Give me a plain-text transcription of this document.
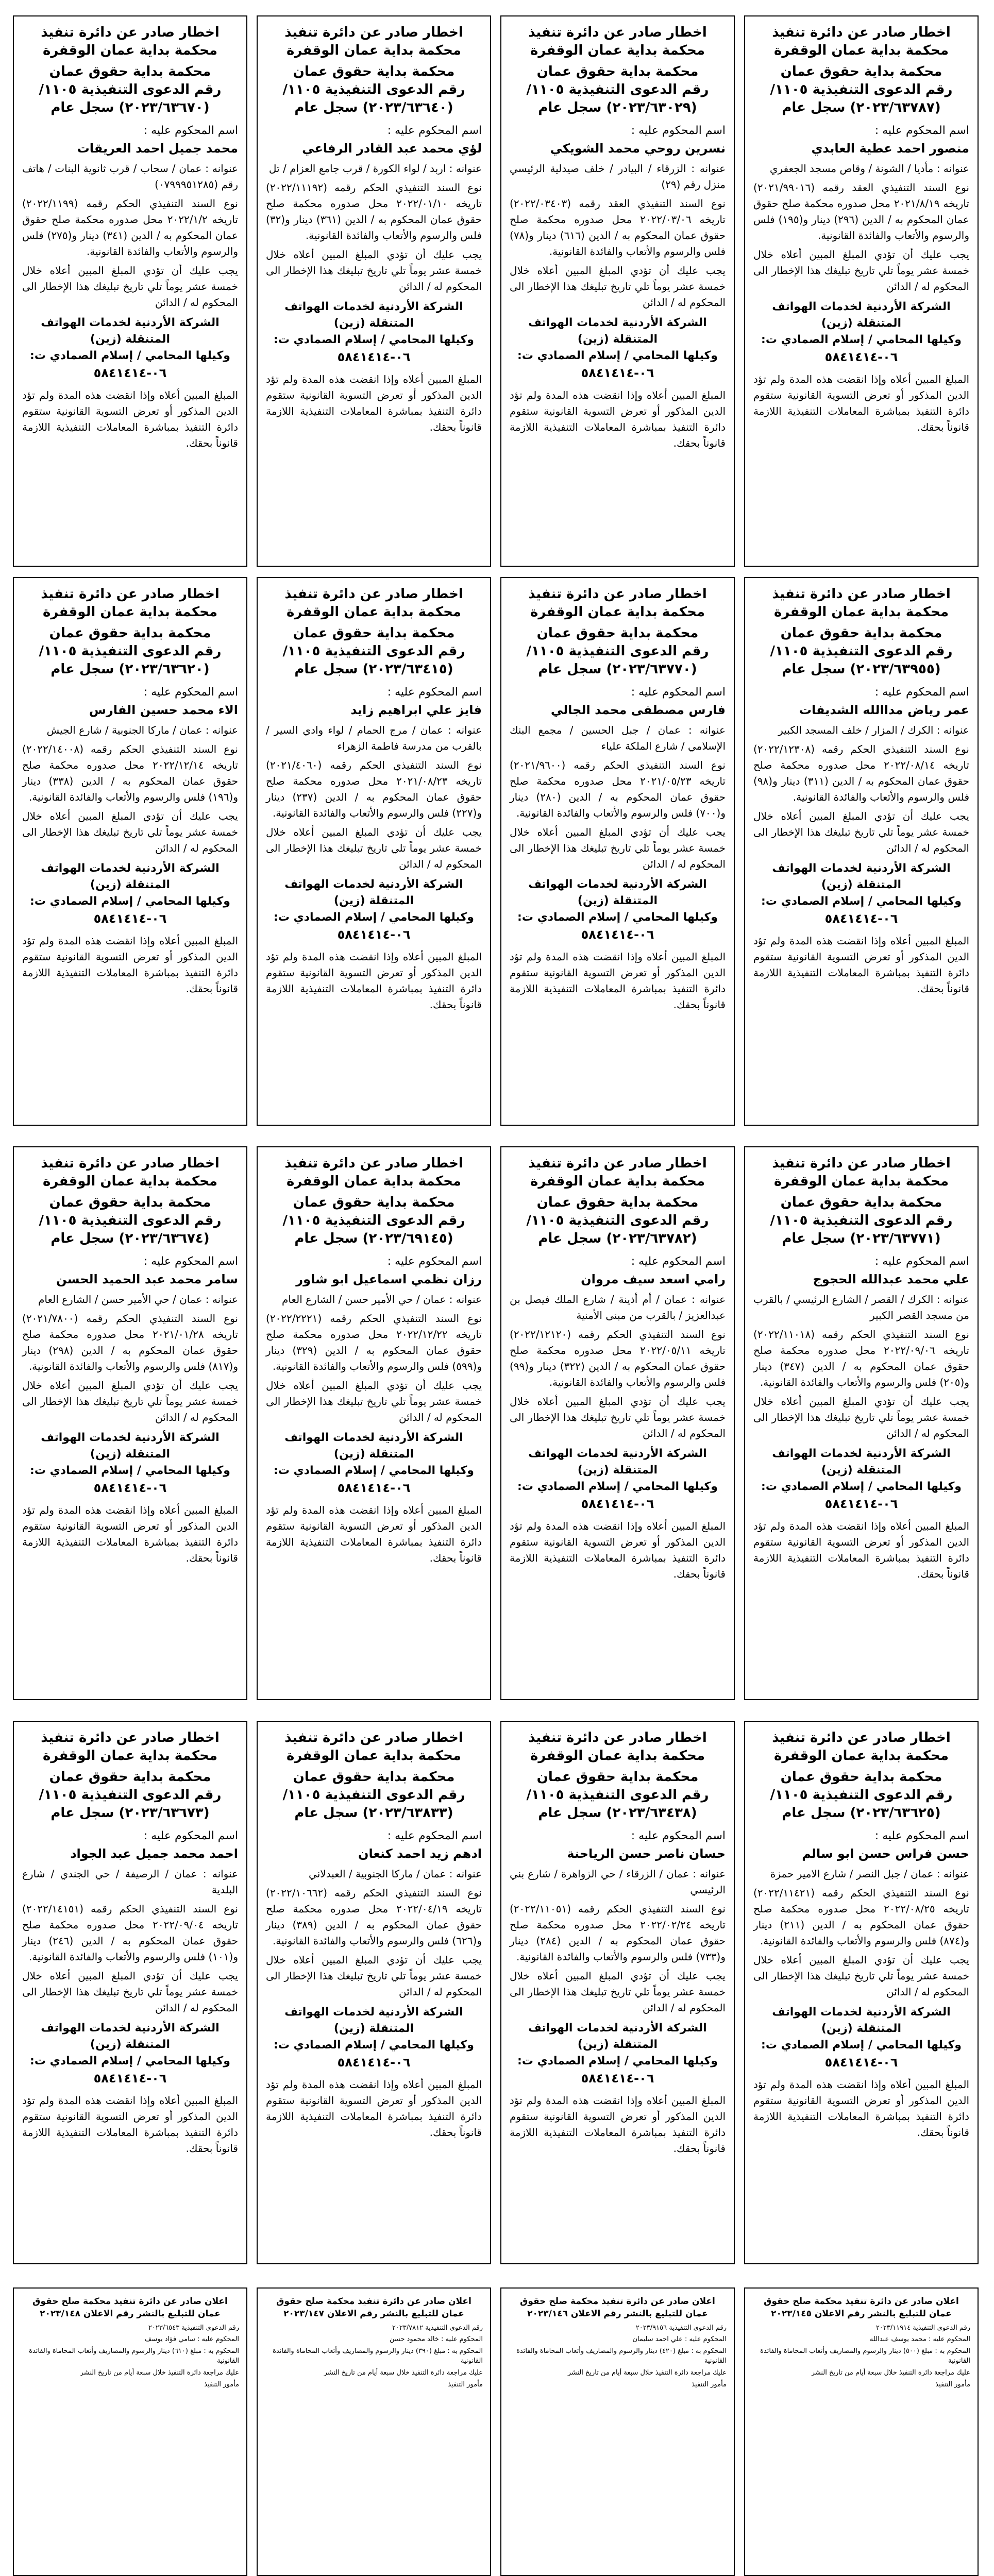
اخطار صادر عن دائرة تنفيذ محكمة بداية عمان الوقفرة
محكمة بداية حقوق عمان
رقم الدعوى التنفيذية ١١٠٥/ (٢٠٢٣/٦٣٧٨٧) سجل عام
اسم المحكوم عليه :
منصور احمد عطية العابدي

عنوانه : مأديا / الشونة / وقاص مسجد الجعفري

نوع السند التنفيذي العقد رقمه (٢٠٢١/٩٩٠١٦) تاريخه ٢٠٢١/٨/١٩ محل صدوره محكمة صلح حقوق عمان المحكوم به / الدين (٢٩٦) دينار و(١٩٥) فلس والرسوم والأتعاب والفائدة القانونية.

يجب عليك أن تؤدي المبلغ المبين أعلاه خلال خمسة عشر يوماً تلي تاريخ تبليغك هذا الإخطار الى المحكوم له / الدائن

الشركة الأردنية لخدمات الهواتف المتنقلة (زين)
وكيلها المحامي / إسلام الصمادي ت:
٠٦-٥٨٤١٤١٤
المبلغ المبين أعلاه وإذا انقضت هذه المدة ولم تؤد الدين المذكور أو تعرض التسوية القانونية ستقوم دائرة التنفيذ بمباشرة المعاملات التنفيذية اللازمة قانوناً بحقك.
اخطار صادر عن دائرة تنفيذ محكمة بداية عمان الوقفرة
محكمة بداية حقوق عمان
رقم الدعوى التنفيذية ١١٠٥/ (٢٠٢٣/٦٣٠٢٩) سجل عام
اسم المحكوم عليه :
نسرين روحي محمد الشويكي

عنوانه : الزرقاء / البيادر / خلف صيدلية الرئيسي منزل رقم (٢٩)

نوع السند التنفيذي العقد رقمه (٢٠٢٢/٠٣٤٠٣) تاريخه ٢٠٢٢/٠٣/٠٦ محل صدوره محكمة صلح حقوق عمان المحكوم به / الدين (٦١٦) دينار و(٧٨) فلس والرسوم والأتعاب والفائدة القانونية.

يجب عليك أن تؤدي المبلغ المبين أعلاه خلال خمسة عشر يوماً تلي تاريخ تبليغك هذا الإخطار الى المحكوم له / الدائن

الشركة الأردنية لخدمات الهواتف المتنقلة (زين)
وكيلها المحامي / إسلام الصمادي ت:
٠٦-٥٨٤١٤١٤
المبلغ المبين أعلاه وإذا انقضت هذه المدة ولم تؤد الدين المذكور أو تعرض التسوية القانونية ستقوم دائرة التنفيذ بمباشرة المعاملات التنفيذية اللازمة قانوناً بحقك.
اخطار صادر عن دائرة تنفيذ محكمة بداية عمان الوقفرة
محكمة بداية حقوق عمان
رقم الدعوى التنفيذية ١١٠٥/ (٢٠٢٣/٦٣٦٤٠) سجل عام
اسم المحكوم عليه :
لؤي محمد عبد القادر الرفاعي

عنوانه : اربد / لواء الكورة / قرب جامع العزام / تل

نوع السند التنفيذي الحكم رقمه (٢٠٢٢/١١١٩٢) تاريخه ٢٠٢٢/٠١/١٠ محل صدوره محكمة صلح حقوق عمان المحكوم به / الدين (٣٦١) دينار و(٣٢) فلس والرسوم والأتعاب والفائدة القانونية.

يجب عليك أن تؤدي المبلغ المبين أعلاه خلال خمسة عشر يوماً تلي تاريخ تبليغك هذا الإخطار الى المحكوم له / الدائن

الشركة الأردنية لخدمات الهواتف المتنقلة (زين)
وكيلها المحامي / إسلام الصمادي ت:
٠٦-٥٨٤١٤١٤
المبلغ المبين أعلاه وإذا انقضت هذه المدة ولم تؤد الدين المذكور أو تعرض التسوية القانونية ستقوم دائرة التنفيذ بمباشرة المعاملات التنفيذية اللازمة قانوناً بحقك.
اخطار صادر عن دائرة تنفيذ محكمة بداية عمان الوقفرة
محكمة بداية حقوق عمان
رقم الدعوى التنفيذية ١١٠٥/ (٢٠٢٣/٦٣٦٧٠) سجل عام
اسم المحكوم عليه :
محمد جميل احمد العريقات

عنوانه : عمان / سحاب / قرب ثانوية البنات / هاتف رقم (٠٧٩٩٩٥١٢٨٥)

نوع السند التنفيذي الحكم رقمه (٢٠٢٢/١١٩٩) تاريخه ٢٠٢٢/١/٢ محل صدوره محكمة صلح حقوق عمان المحكوم به / الدين (٣٤١) دينار و(٢٧٥) فلس والرسوم والأتعاب والفائدة القانونية.

يجب عليك أن تؤدي المبلغ المبين أعلاه خلال خمسة عشر يوماً تلي تاريخ تبليغك هذا الإخطار الى المحكوم له / الدائن

الشركة الأردنية لخدمات الهواتف المتنقلة (زين)
وكيلها المحامي / إسلام الصمادي ت:
٠٦-٥٨٤١٤١٤
المبلغ المبين أعلاه وإذا انقضت هذه المدة ولم تؤد الدين المذكور أو تعرض التسوية القانونية ستقوم دائرة التنفيذ بمباشرة المعاملات التنفيذية اللازمة قانوناً بحقك.
اخطار صادر عن دائرة تنفيذ محكمة بداية عمان الوقفرة
محكمة بداية حقوق عمان
رقم الدعوى التنفيذية ١١٠٥/ (٢٠٢٣/٦٣٩٥٥) سجل عام
اسم المحكوم عليه :
عمر رياض مداالله الشديفات

عنوانه : الكرك / المزار / خلف المسجد الكبير

نوع السند التنفيذي الحكم رقمه (٢٠٢٢/١٢٣٠٨) تاريخه ٢٠٢٢/٠٨/١٤ محل صدوره محكمة صلح حقوق عمان المحكوم به / الدين (٣١١) دينار و(٩٨) فلس والرسوم والأتعاب والفائدة القانونية.

يجب عليك أن تؤدي المبلغ المبين أعلاه خلال خمسة عشر يوماً تلي تاريخ تبليغك هذا الإخطار الى المحكوم له / الدائن

الشركة الأردنية لخدمات الهواتف المتنقلة (زين)
وكيلها المحامي / إسلام الصمادي ت:
٠٦-٥٨٤١٤١٤
المبلغ المبين أعلاه وإذا انقضت هذه المدة ولم تؤد الدين المذكور أو تعرض التسوية القانونية ستقوم دائرة التنفيذ بمباشرة المعاملات التنفيذية اللازمة قانوناً بحقك.
اخطار صادر عن دائرة تنفيذ محكمة بداية عمان الوقفرة
محكمة بداية حقوق عمان
رقم الدعوى التنفيذية ١١٠٥/ (٢٠٢٣/٦٣٧٧٠) سجل عام
اسم المحكوم عليه :
فارس مصطفى محمد الجالي

عنوانه : عمان / جبل الحسين / مجمع البنك الإسلامي / شارع الملكة علياء

نوع السند التنفيذي الحكم رقمه (٢٠٢١/٩٦٠٠) تاريخه ٢٠٢١/٠٥/٢٣ محل صدوره محكمة صلح حقوق عمان المحكوم به / الدين (٢٨٠) دينار و(٧٠٠) فلس والرسوم والأتعاب والفائدة القانونية.

يجب عليك أن تؤدي المبلغ المبين أعلاه خلال خمسة عشر يوماً تلي تاريخ تبليغك هذا الإخطار الى المحكوم له / الدائن

الشركة الأردنية لخدمات الهواتف المتنقلة (زين)
وكيلها المحامي / إسلام الصمادي ت:
٠٦-٥٨٤١٤١٤
المبلغ المبين أعلاه وإذا انقضت هذه المدة ولم تؤد الدين المذكور أو تعرض التسوية القانونية ستقوم دائرة التنفيذ بمباشرة المعاملات التنفيذية اللازمة قانوناً بحقك.
اخطار صادر عن دائرة تنفيذ محكمة بداية عمان الوقفرة
محكمة بداية حقوق عمان
رقم الدعوى التنفيذية ١١٠٥/ (٢٠٢٣/٦٣٤١٥) سجل عام
اسم المحكوم عليه :
فايز علي ابراهيم زايد

عنوانه : عمان / مرج الحمام / لواء وادي السير / بالقرب من مدرسة فاطمة الزهراء

نوع السند التنفيذي الحكم رقمه (٢٠٢١/٤٠٦٠) تاريخه ٢٠٢١/٠٨/٢٣ محل صدوره محكمة صلح حقوق عمان المحكوم به / الدين (٢٣٧) دينار و(٢٢٧) فلس والرسوم والأتعاب والفائدة القانونية.

يجب عليك أن تؤدي المبلغ المبين أعلاه خلال خمسة عشر يوماً تلي تاريخ تبليغك هذا الإخطار الى المحكوم له / الدائن

الشركة الأردنية لخدمات الهواتف المتنقلة (زين)
وكيلها المحامي / إسلام الصمادي ت:
٠٦-٥٨٤١٤١٤
المبلغ المبين أعلاه وإذا انقضت هذه المدة ولم تؤد الدين المذكور أو تعرض التسوية القانونية ستقوم دائرة التنفيذ بمباشرة المعاملات التنفيذية اللازمة قانوناً بحقك.
اخطار صادر عن دائرة تنفيذ محكمة بداية عمان الوقفرة
محكمة بداية حقوق عمان
رقم الدعوى التنفيذية ١١٠٥/ (٢٠٢٣/٦٣٦٢٠) سجل عام
اسم المحكوم عليه :
الاء محمد حسين الفارس

عنوانه : عمان / ماركا الجنوبية / شارع الجيش

نوع السند التنفيذي الحكم رقمه (٢٠٢٢/١٤٠٠٨) تاريخه ٢٠٢٢/١٢/١٤ محل صدوره محكمة صلح حقوق عمان المحكوم به / الدين (٣٣٨) دينار و(١٩٦) فلس والرسوم والأتعاب والفائدة القانونية.

يجب عليك أن تؤدي المبلغ المبين أعلاه خلال خمسة عشر يوماً تلي تاريخ تبليغك هذا الإخطار الى المحكوم له / الدائن

الشركة الأردنية لخدمات الهواتف المتنقلة (زين)
وكيلها المحامي / إسلام الصمادي ت:
٠٦-٥٨٤١٤١٤
المبلغ المبين أعلاه وإذا انقضت هذه المدة ولم تؤد الدين المذكور أو تعرض التسوية القانونية ستقوم دائرة التنفيذ بمباشرة المعاملات التنفيذية اللازمة قانوناً بحقك.
اخطار صادر عن دائرة تنفيذ محكمة بداية عمان الوقفرة
محكمة بداية حقوق عمان
رقم الدعوى التنفيذية ١١٠٥/ (٢٠٢٣/٦٣٧٧١) سجل عام
اسم المحكوم عليه :
علي محمد عبدالله الحجوج

عنوانه : الكرك / القصر / الشارع الرئيسي / بالقرب من مسجد القصر الكبير

نوع السند التنفيذي الحكم رقمه (٢٠٢٢/١١٠١٨) تاريخه ٢٠٢٢/٠٩/٠٦ محل صدوره محكمة صلح حقوق عمان المحكوم به / الدين (٣٤٧) دينار و(٢٠٥) فلس والرسوم والأتعاب والفائدة القانونية.

يجب عليك أن تؤدي المبلغ المبين أعلاه خلال خمسة عشر يوماً تلي تاريخ تبليغك هذا الإخطار الى المحكوم له / الدائن

الشركة الأردنية لخدمات الهواتف المتنقلة (زين)
وكيلها المحامي / إسلام الصمادي ت:
٠٦-٥٨٤١٤١٤
المبلغ المبين أعلاه وإذا انقضت هذه المدة ولم تؤد الدين المذكور أو تعرض التسوية القانونية ستقوم دائرة التنفيذ بمباشرة المعاملات التنفيذية اللازمة قانوناً بحقك.
اخطار صادر عن دائرة تنفيذ محكمة بداية عمان الوقفرة
محكمة بداية حقوق عمان
رقم الدعوى التنفيذية ١١٠٥/ (٢٠٢٣/٦٣٧٨٢) سجل عام
اسم المحكوم عليه :
رامي اسعد سيف مروان

عنوانه : عمان / أم أذينة / شارع الملك فيصل بن عبدالعزيز / بالقرب من مبنى الأمنية

نوع السند التنفيذي الحكم رقمه (٢٠٢٢/١٢١٢٠) تاريخه ٢٠٢٢/٠٥/١١ محل صدوره محكمة صلح حقوق عمان المحكوم به / الدين (٣٢٢) دينار و(٩٩) فلس والرسوم والأتعاب والفائدة القانونية.

يجب عليك أن تؤدي المبلغ المبين أعلاه خلال خمسة عشر يوماً تلي تاريخ تبليغك هذا الإخطار الى المحكوم له / الدائن

الشركة الأردنية لخدمات الهواتف المتنقلة (زين)
وكيلها المحامي / إسلام الصمادي ت:
٠٦-٥٨٤١٤١٤
المبلغ المبين أعلاه وإذا انقضت هذه المدة ولم تؤد الدين المذكور أو تعرض التسوية القانونية ستقوم دائرة التنفيذ بمباشرة المعاملات التنفيذية اللازمة قانوناً بحقك.
اخطار صادر عن دائرة تنفيذ محكمة بداية عمان الوقفرة
محكمة بداية حقوق عمان
رقم الدعوى التنفيذية ١١٠٥/ (٢٠٢٣/٦٩١٤٥) سجل عام
اسم المحكوم عليه :
رزان نظمي اسماعيل ابو شاور

عنوانه : عمان / حي الأمير حسن / الشارع العام

نوع السند التنفيذي الحكم رقمه (٢٠٢٢/٢٢٢١) تاريخه ٢٠٢٢/١٢/٢٢ محل صدوره محكمة صلح حقوق عمان المحكوم به / الدين (٣٢٩) دينار و(٥٩٩) فلس والرسوم والأتعاب والفائدة القانونية.

يجب عليك أن تؤدي المبلغ المبين أعلاه خلال خمسة عشر يوماً تلي تاريخ تبليغك هذا الإخطار الى المحكوم له / الدائن

الشركة الأردنية لخدمات الهواتف المتنقلة (زين)
وكيلها المحامي / إسلام الصمادي ت:
٠٦-٥٨٤١٤١٤
المبلغ المبين أعلاه وإذا انقضت هذه المدة ولم تؤد الدين المذكور أو تعرض التسوية القانونية ستقوم دائرة التنفيذ بمباشرة المعاملات التنفيذية اللازمة قانوناً بحقك.
اخطار صادر عن دائرة تنفيذ محكمة بداية عمان الوقفرة
محكمة بداية حقوق عمان
رقم الدعوى التنفيذية ١١٠٥/ (٢٠٢٣/٦٣٦٧٤) سجل عام
اسم المحكوم عليه :
سامر محمد عبد الحميد الحسن

عنوانه : عمان / حي الأمير حسن / الشارع العام

نوع السند التنفيذي الحكم رقمه (٢٠٢١/٧٨٠٠) تاريخه ٢٠٢١/٠١/٢٨ محل صدوره محكمة صلح حقوق عمان المحكوم به / الدين (٢٩٨) دينار و(٨١٧) فلس والرسوم والأتعاب والفائدة القانونية.

يجب عليك أن تؤدي المبلغ المبين أعلاه خلال خمسة عشر يوماً تلي تاريخ تبليغك هذا الإخطار الى المحكوم له / الدائن

الشركة الأردنية لخدمات الهواتف المتنقلة (زين)
وكيلها المحامي / إسلام الصمادي ت:
٠٦-٥٨٤١٤١٤
المبلغ المبين أعلاه وإذا انقضت هذه المدة ولم تؤد الدين المذكور أو تعرض التسوية القانونية ستقوم دائرة التنفيذ بمباشرة المعاملات التنفيذية اللازمة قانوناً بحقك.
اخطار صادر عن دائرة تنفيذ محكمة بداية عمان الوقفرة
محكمة بداية حقوق عمان
رقم الدعوى التنفيذية ١١٠٥/ (٢٠٢٣/٦٣٦٢٥) سجل عام
اسم المحكوم عليه :
حسن فراس حسن ابو سالم

عنوانه : عمان / جبل النصر / شارع الامير حمزة

نوع السند التنفيذي الحكم رقمه (٢٠٢٢/١١٤٢١) تاريخه ٢٠٢٢/٠٨/٢٥ محل صدوره محكمة صلح حقوق عمان المحكوم به / الدين (٢١١) دينار و(٨٧٤) فلس والرسوم والأتعاب والفائدة القانونية.

يجب عليك أن تؤدي المبلغ المبين أعلاه خلال خمسة عشر يوماً تلي تاريخ تبليغك هذا الإخطار الى المحكوم له / الدائن

الشركة الأردنية لخدمات الهواتف المتنقلة (زين)
وكيلها المحامي / إسلام الصمادي ت:
٠٦-٥٨٤١٤١٤
المبلغ المبين أعلاه وإذا انقضت هذه المدة ولم تؤد الدين المذكور أو تعرض التسوية القانونية ستقوم دائرة التنفيذ بمباشرة المعاملات التنفيذية اللازمة قانوناً بحقك.
اخطار صادر عن دائرة تنفيذ محكمة بداية عمان الوقفرة
محكمة بداية حقوق عمان
رقم الدعوى التنفيذية ١١٠٥/ (٢٠٢٣/٦٣٤٣٨) سجل عام
اسم المحكوم عليه :
حسان ناصر حسن الرياحنة

عنوانه : عمان / الزرقاء / حي الزواهرة / شارع بني الرئيسي

نوع السند التنفيذي الحكم رقمه (٢٠٢٢/١١٠٥١) تاريخه ٢٠٢٢/٠٢/٢٤ محل صدوره محكمة صلح حقوق عمان المحكوم به / الدين (٢٨٤) دينار و(٧٣٣) فلس والرسوم والأتعاب والفائدة القانونية.

يجب عليك أن تؤدي المبلغ المبين أعلاه خلال خمسة عشر يوماً تلي تاريخ تبليغك هذا الإخطار الى المحكوم له / الدائن

الشركة الأردنية لخدمات الهواتف المتنقلة (زين)
وكيلها المحامي / إسلام الصمادي ت:
٠٦-٥٨٤١٤١٤
المبلغ المبين أعلاه وإذا انقضت هذه المدة ولم تؤد الدين المذكور أو تعرض التسوية القانونية ستقوم دائرة التنفيذ بمباشرة المعاملات التنفيذية اللازمة قانوناً بحقك.
اخطار صادر عن دائرة تنفيذ محكمة بداية عمان الوقفرة
محكمة بداية حقوق عمان
رقم الدعوى التنفيذية ١١٠٥/ (٢٠٢٣/٦٣٨٣٣) سجل عام
اسم المحكوم عليه :
ادهم زيد احمد كنعان

عنوانه : عمان / ماركا الجنوبية / العبدلاني

نوع السند التنفيذي الحكم رقمه (٢٠٢٢/١٠٦٦٢) تاريخه ٢٠٢٢/٠٤/١٩ محل صدوره محكمة صلح حقوق عمان المحكوم به / الدين (٣٨٩) دينار و(٦٢٦) فلس والرسوم والأتعاب والفائدة القانونية.

يجب عليك أن تؤدي المبلغ المبين أعلاه خلال خمسة عشر يوماً تلي تاريخ تبليغك هذا الإخطار الى المحكوم له / الدائن

الشركة الأردنية لخدمات الهواتف المتنقلة (زين)
وكيلها المحامي / إسلام الصمادي ت:
٠٦-٥٨٤١٤١٤
المبلغ المبين أعلاه وإذا انقضت هذه المدة ولم تؤد الدين المذكور أو تعرض التسوية القانونية ستقوم دائرة التنفيذ بمباشرة المعاملات التنفيذية اللازمة قانوناً بحقك.
اخطار صادر عن دائرة تنفيذ محكمة بداية عمان الوقفرة
محكمة بداية حقوق عمان
رقم الدعوى التنفيذية ١١٠٥/ (٢٠٢٣/٦٣٦٧٣) سجل عام
اسم المحكوم عليه :
احمد محمد جميل عبد الجواد

عنوانه : عمان / الرصيفة / حي الجندي / شارع البلدية

نوع السند التنفيذي الحكم رقمه (٢٠٢٢/١٤١٥١) تاريخه ٢٠٢٢/٠٩/٠٤ محل صدوره محكمة صلح حقوق عمان المحكوم به / الدين (٢٤٦) دينار و(١٠١) فلس والرسوم والأتعاب والفائدة القانونية.

يجب عليك أن تؤدي المبلغ المبين أعلاه خلال خمسة عشر يوماً تلي تاريخ تبليغك هذا الإخطار الى المحكوم له / الدائن

الشركة الأردنية لخدمات الهواتف المتنقلة (زين)
وكيلها المحامي / إسلام الصمادي ت:
٠٦-٥٨٤١٤١٤
المبلغ المبين أعلاه وإذا انقضت هذه المدة ولم تؤد الدين المذكور أو تعرض التسوية القانونية ستقوم دائرة التنفيذ بمباشرة المعاملات التنفيذية اللازمة قانوناً بحقك.
اعلان صادر عن دائرة تنفيذ محكمة صلح حقوق عمان للتبليغ بالنشر رقم الاعلان ٢٠٢٣/١٤٥
رقم الدعوى التنفيذية ٢٠٢٣/١١٩١٤
المحكوم عليه : محمد يوسف عبدالله
المحكوم به : مبلغ (٥٠٠) دينار والرسوم والمصاريف وأتعاب المحاماة والفائدة القانونية
عليك مراجعة دائرة التنفيذ خلال سبعة أيام من تاريخ النشر
مأمور التنفيذ
اعلان صادر عن دائرة تنفيذ محكمة صلح حقوق عمان للتبليغ بالنشر رقم الاعلان ٢٠٢٣/١٤٦
رقم الدعوى التنفيذية ٢٠٢٣/٩١٥٦
المحكوم عليه : علي احمد سليمان
المحكوم به : مبلغ (٤٢٠) دينار والرسوم والمصاريف وأتعاب المحاماة والفائدة القانونية
عليك مراجعة دائرة التنفيذ خلال سبعة أيام من تاريخ النشر
مأمور التنفيذ
اعلان صادر عن دائرة تنفيذ محكمة صلح حقوق عمان للتبليغ بالنشر رقم الاعلان ٢٠٢٣/١٤٧
رقم الدعوى التنفيذية ٢٠٢٣/٧٨١٢
المحكوم عليه : خالد محمود حسن
المحكوم به : مبلغ (٣٩٠) دينار والرسوم والمصاريف وأتعاب المحاماة والفائدة القانونية
عليك مراجعة دائرة التنفيذ خلال سبعة أيام من تاريخ النشر
مأمور التنفيذ
اعلان صادر عن دائرة تنفيذ محكمة صلح حقوق عمان للتبليغ بالنشر رقم الاعلان ٢٠٢٣/١٤٨
رقم الدعوى التنفيذية ٢٠٢٣/٦٥٤٣
المحكوم عليه : سامي فؤاد يوسف
المحكوم به : مبلغ (٦١٠) دينار والرسوم والمصاريف وأتعاب المحاماة والفائدة القانونية
عليك مراجعة دائرة التنفيذ خلال سبعة أيام من تاريخ النشر
مأمور التنفيذ
